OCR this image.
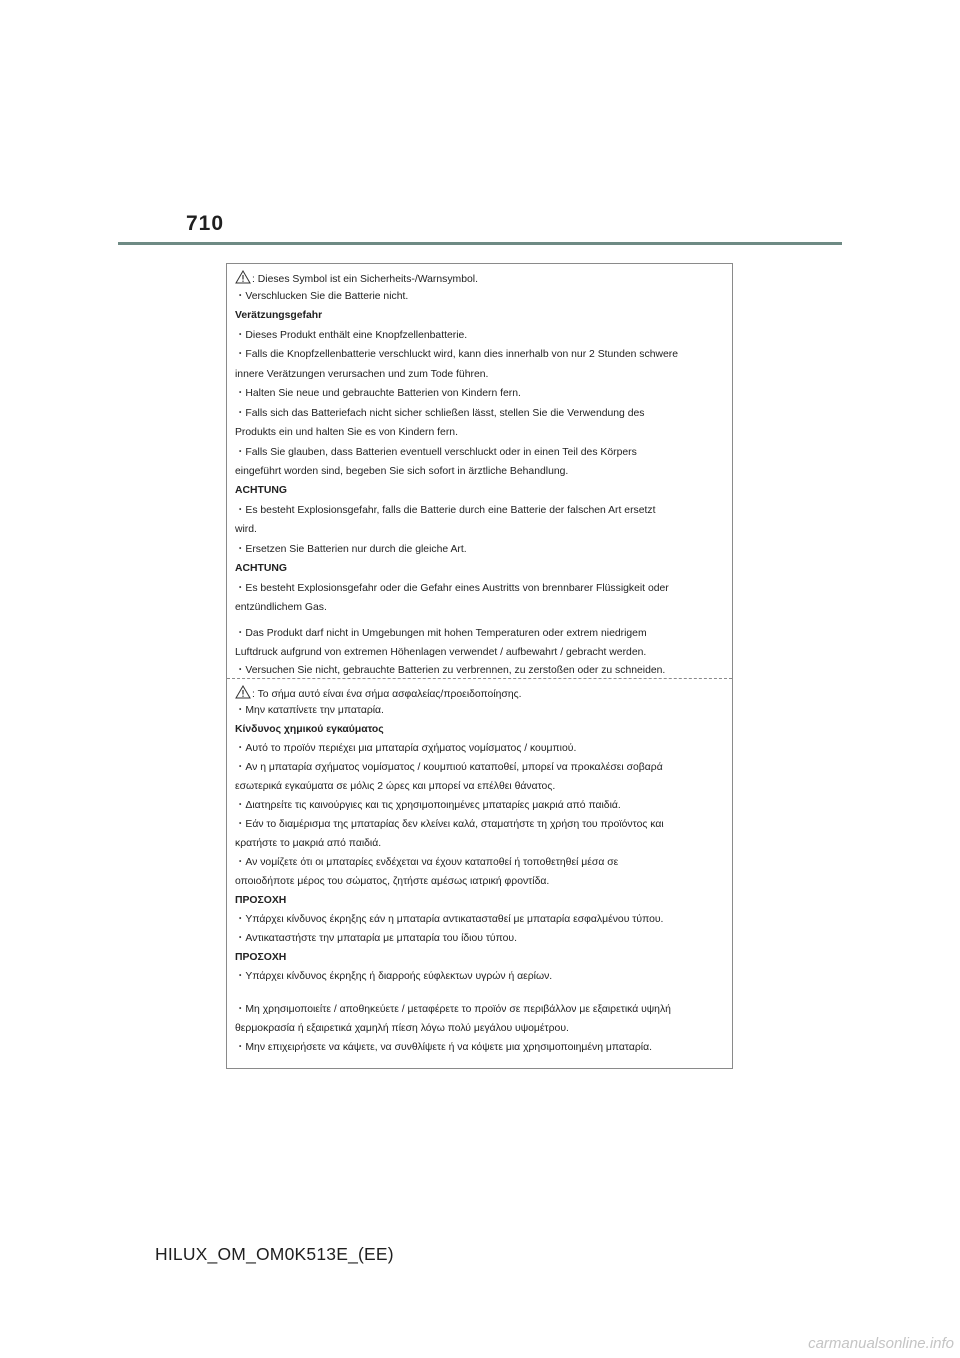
710
: Dieses Symbol ist ein Sicherheits-/Warnsymbol.
・Verschlucken Sie die Batterie nicht.
Verätzungsgefahr
・Dieses Produkt enthält eine Knopfzellenbatterie.
・Falls die Knopfzellenbatterie verschluckt wird, kann dies innerhalb von nur 2 Stunden schwere
innere Verätzungen verursachen und zum Tode führen.
・Halten Sie neue und gebrauchte Batterien von Kindern fern.
・Falls sich das Batteriefach nicht sicher schließen lässt, stellen Sie die Verwendung des
Produkts ein und halten Sie es von Kindern fern.
・Falls Sie glauben, dass Batterien eventuell verschluckt oder in einen Teil des Körpers
eingeführt worden sind, begeben Sie sich sofort in ärztliche Behandlung.
ACHTUNG
・Es besteht Explosionsgefahr, falls die Batterie durch eine Batterie der falschen Art ersetzt
wird.
・Ersetzen Sie Batterien nur durch die gleiche Art.
ACHTUNG
・Es besteht Explosionsgefahr oder die Gefahr eines Austritts von brennbarer Flüssigkeit oder
entzündlichem Gas.
・Das Produkt darf nicht in Umgebungen mit hohen Temperaturen oder extrem niedrigem
Luftdruck aufgrund von extremen Höhenlagen verwendet / aufbewahrt / gebracht werden.
・Versuchen Sie nicht, gebrauchte Batterien zu verbrennen, zu zerstoßen oder zu schneiden.
: Το σήμα αυτό είναι ένα σήμα ασφαλείας/προειδοποίησης.
・Μην καταπίνετε την μπαταρία.
Κίνδυνος χημικού εγκαύματος
・Αυτό το προϊόν περιέχει μια μπαταρία σχήματος νομίσματος / κουμπιού.
・Αν η μπαταρία σχήματος νομίσματος / κουμπιού καταποθεί, μπορεί να προκαλέσει σοβαρά
εσωτερικά εγκαύματα σε μόλις 2 ώρες και μπορεί να επέλθει θάνατος.
・Διατηρείτε τις καινούργιες και τις χρησιμοποιημένες μπαταρίες μακριά από παιδιά.
・Εάν το διαμέρισμα της μπαταρίας δεν κλείνει καλά, σταματήστε τη χρήση του προϊόντος και
κρατήστε το μακριά από παιδιά.
・Αν νομίζετε ότι οι μπαταρίες ενδέχεται να έχουν καταποθεί ή τοποθετηθεί μέσα σε
οποιοδήποτε μέρος του σώματος, ζητήστε αμέσως ιατρική φροντίδα.
ΠΡΟΣΟΧΗ
・Υπάρχει κίνδυνος έκρηξης εάν η μπαταρία αντικατασταθεί με μπαταρία εσφαλμένου τύπου.
・Αντικαταστήστε την μπαταρία με μπαταρία του ίδιου τύπου.
ΠΡΟΣΟΧΗ
・Υπάρχει κίνδυνος έκρηξης ή διαρροής εύφλεκτων υγρών ή αερίων.
・Μη χρησιμοποιείτε / αποθηκεύετε / μεταφέρετε το προϊόν σε περιβάλλον με εξαιρετικά υψηλή
θερμοκρασία ή εξαιρετικά χαμηλή πίεση λόγω πολύ μεγάλου υψομέτρου.
・Μην επιχειρήσετε να κάψετε, να συνθλίψετε ή να κόψετε μια χρησιμοποιημένη μπαταρία.
HILUX_OM_OM0K513E_(EE)
carmanualsonline.info
